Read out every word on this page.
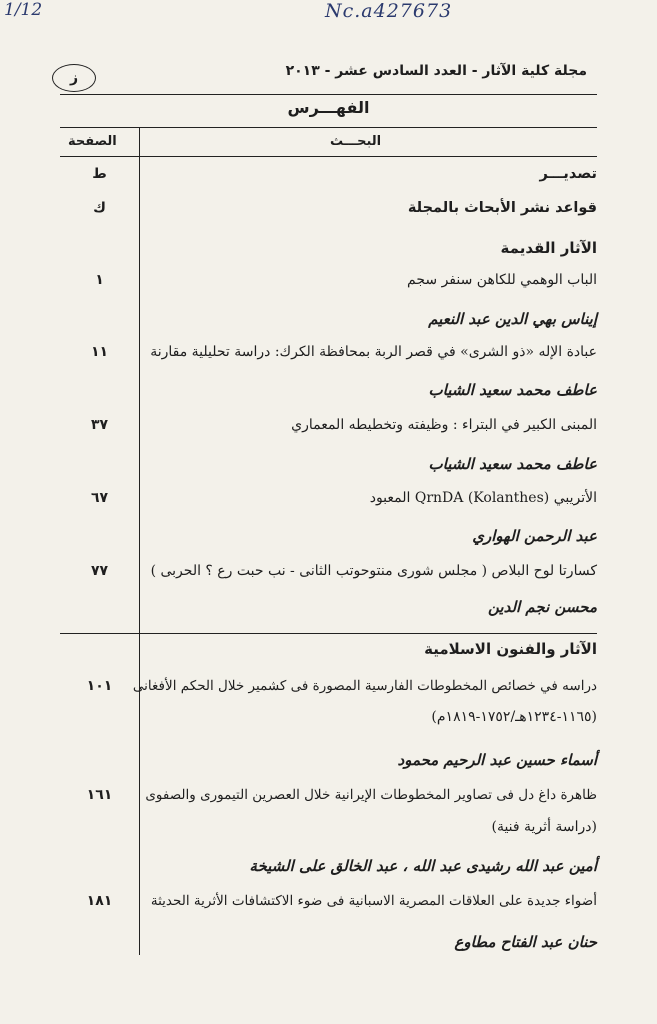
1/12	Nc.a427673
ز	مجلة كلية الآثار - العدد السادس عشر - ٢٠١٣
الفهـــرس
الصفحة	البحـــث
ط	تصديـــر
ك	قواعد نشر الأبحاث بالمجلة
الآثار القديمة
١	الباب الوهمي للكاهن سنفر سجم
إيناس بهي الدين عبد النعيم
١١	عبادة الإله «ذو الشرى» في قصر الربة بمحافظة الكرك: دراسة تحليلية مقارنة
عاطف محمد سعيد الشياب
٣٧	المبنى الكبير في البتراء : وظيفته وتخطيطه المعماري
عاطف محمد سعيد الشياب
٦٧	الأتريبي QrnDA (Kolanthes) المعبود
عبد الرحمن الهواري
٧٧	كسارتا لوح البلاص ( مجلس شورى منتوحوتب الثانى - نب حبت رع ؟ الحربى )
محسن نجم الدين
الآثار والفنون الاسلامية
١٠١	دراسه في خصائص المخطوطات الفارسية المصورة فى كشمير خلال الحكم الأفغانى
(١١٦٥-١٢٣٤هـ/١٧٥٢-١٨١٩م)
أسماء حسين عبد الرحيم محمود
١٦١	ظاهرة داغ دل فى تصاوير المخطوطات الإيرانية خلال العصرين التيمورى والصفوى
(دراسة أثرية فنية)
أمين عبد الله رشيدى عبد الله ، عبد الخالق على الشيخة
١٨١	أضواء جديدة على العلاقات المصرية الاسبانية فى ضوء الاكتشافات الأثرية الحديثة
حنان عبد الفتاح مطاوع
